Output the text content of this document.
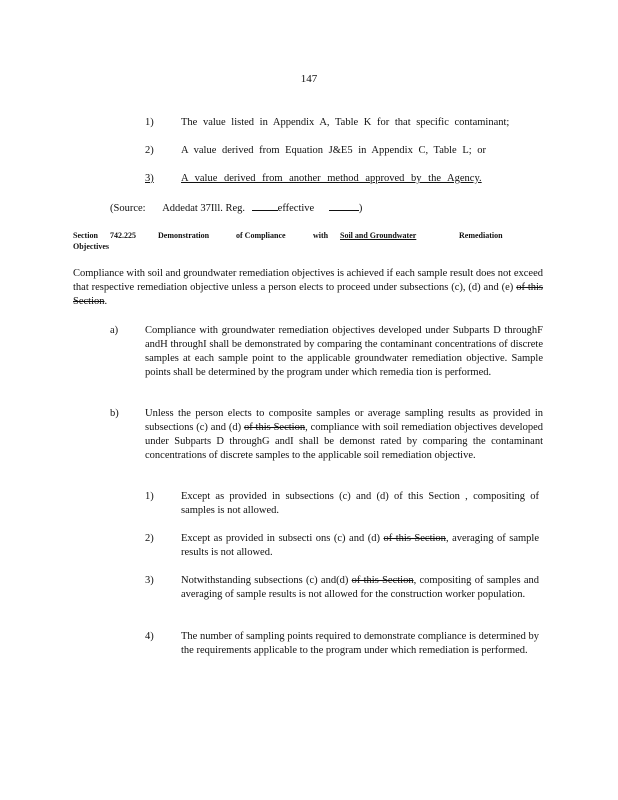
147
1)	The value listed in Appendix A, Table K for that specific contaminant;
2)	A value derived from Equation J&E5 in Appendix C, Table L; or
3)	A value derived from another method approved by the Agency.
(Source: Addedat 37Ill. Reg.	effective	)
Section 742.225	Demonstration	of Compliance	with Soil and Groundwater	Remediation
Objectives
Compliance with soil and groundwater remediation objectives is achieved if each sample result does not exceed that respective remediation objective unless a person elects to proceed under subsections (c), (d) and (e) of this Section.
a)	Compliance with groundwater remediation objectives developed under Subparts D throughF andH throughI shall be demonstrated by comparing the contaminant concentrations of discrete samples at each sample point to the applicable groundwater remediation objective. Sample points shall be determined by the program under which remedia tion is performed.
b)	Unless the person elects to composite samples or average sampling results as provided in subsections (c) and (d) of this Section, compliance with soil remediation objectives developed under Subparts D throughG andI shall be demonst rated by comparing the contaminant concentrations of discrete samples to the applicable soil remediation objective.
1)	Except as provided in subsections (c) and (d) of this Section , compositing of samples is not allowed.
2)	Except as provided in subsecti ons (c) and (d) of this Section, averaging of sample results is not allowed.
3)	Notwithstanding subsections (c) and(d) of this Section, compositing of samples and averaging of sample results is not allowed for the construction worker population.
4)	The number of sampling points required to demonstrate compliance is determined by the requirements applicable to the program under which remediation is performed.
